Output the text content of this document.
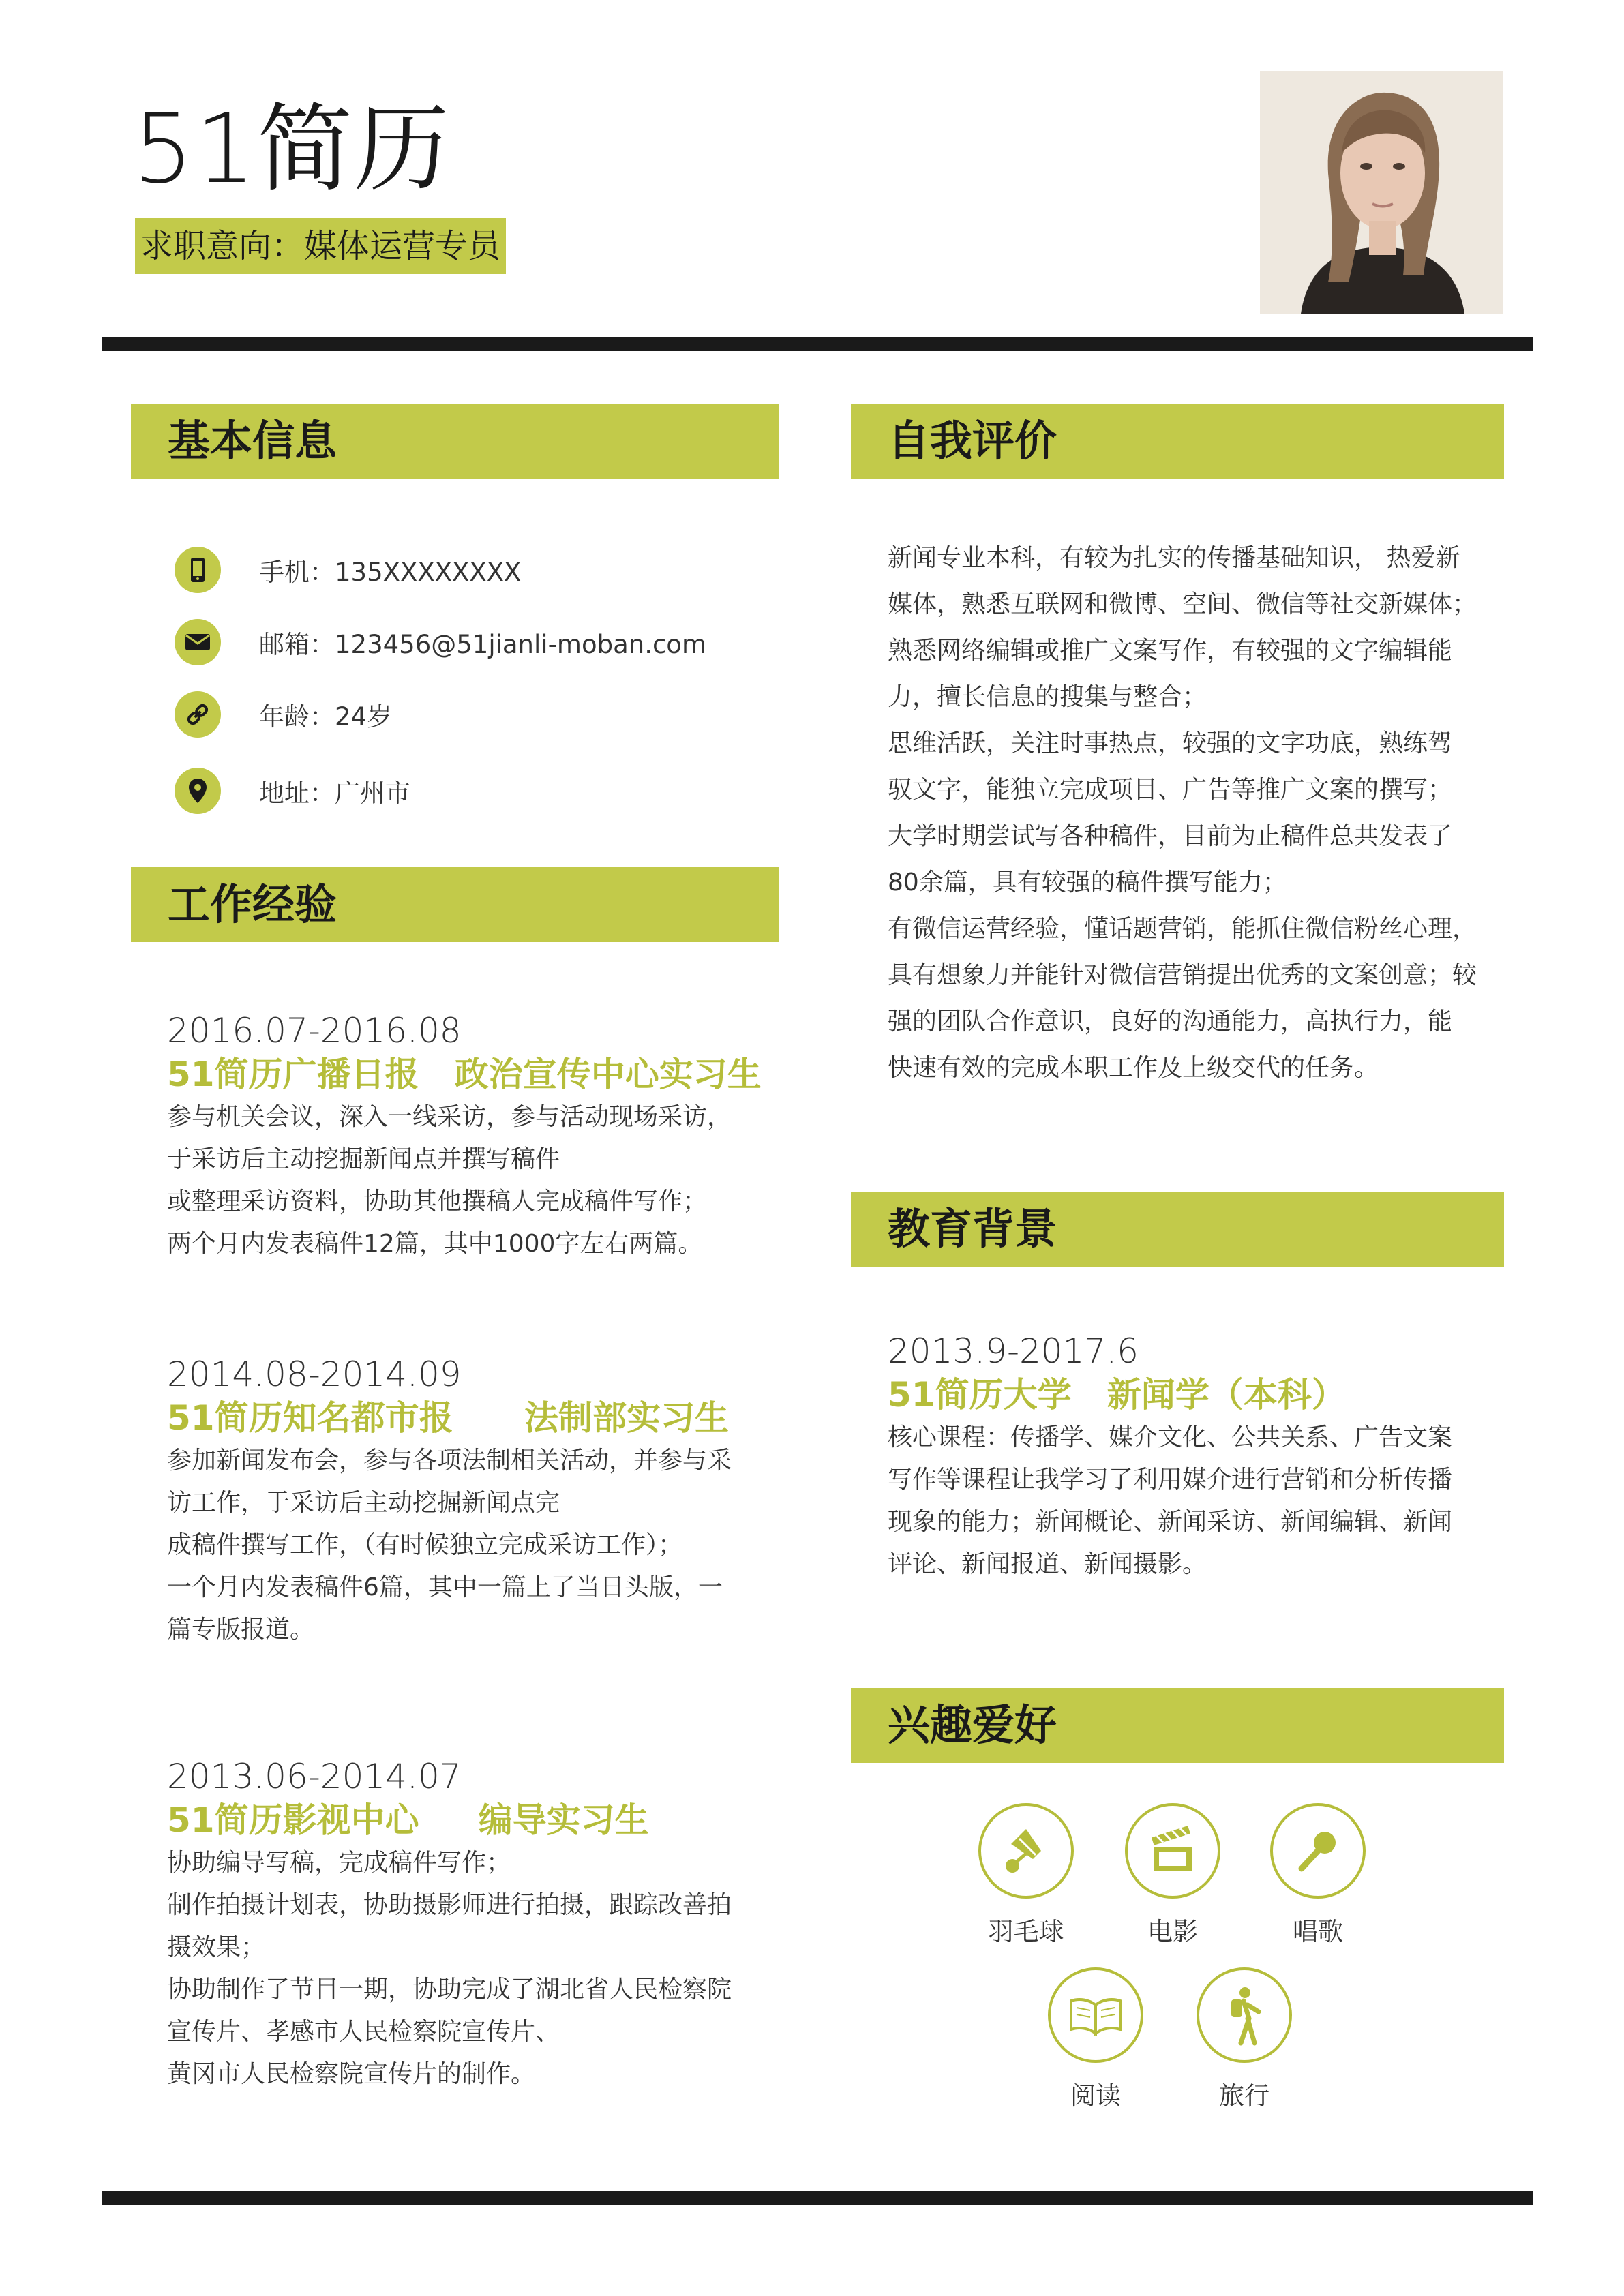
51简历
求职意向：媒体运营专员
基本信息
手机：135XXXXXXXX
邮箱：123456@51jianli-moban.com
年龄：24岁
地址：广州市
工作经验
2016.07-2016.08
51简历广播日报   政治宣传中心实习生
参与机关会议，深入一线采访，参与活动现场采访，
于采访后主动挖掘新闻点并撰写稿件
或整理采访资料，协助其他撰稿人完成稿件写作；
两个月内发表稿件12篇，其中1000字左右两篇。
2014.08-2014.09
51简历知名都市报      法制部实习生
参加新闻发布会，参与各项法制相关活动，并参与采
访工作，于采访后主动挖掘新闻点完
成稿件撰写工作，（有时候独立完成采访工作）；
一个月内发表稿件6篇，其中一篇上了当日头版，一
篇专版报道。
2013.06-2014.07
51简历影视中心     编导实习生
协助编导写稿，完成稿件写作；
制作拍摄计划表，协助摄影师进行拍摄，跟踪改善拍
摄效果；
协助制作了节目一期，协助完成了湖北省人民检察院
宣传片、孝感市人民检察院宣传片、
黄冈市人民检察院宣传片的制作。
自我评价
新闻专业本科，有较为扎实的传播基础知识， 热爱新
媒体，熟悉互联网和微博、空间、微信等社交新媒体；
熟悉网络编辑或推广文案写作，有较强的文字编辑能
力，擅长信息的搜集与整合；
思维活跃，关注时事热点，较强的文字功底，熟练驾
驭文字，能独立完成项目、广告等推广文案的撰写；
大学时期尝试写各种稿件，目前为止稿件总共发表了
80余篇，具有较强的稿件撰写能力；
有微信运营经验，懂话题营销，能抓住微信粉丝心理，
具有想象力并能针对微信营销提出优秀的文案创意；较
强的团队合作意识，良好的沟通能力，高执行力，能
快速有效的完成本职工作及上级交代的任务。
教育背景
2013.9-2017.6
51简历大学   新闻学（本科）
核心课程：传播学、媒介文化、公共关系、广告文案
写作等课程让我学习了利用媒介进行营销和分析传播
现象的能力；新闻概论、新闻采访、新闻编辑、新闻
评论、新闻报道、新闻摄影。
兴趣爱好
羽毛球	电影	唱歌
阅读	旅行
